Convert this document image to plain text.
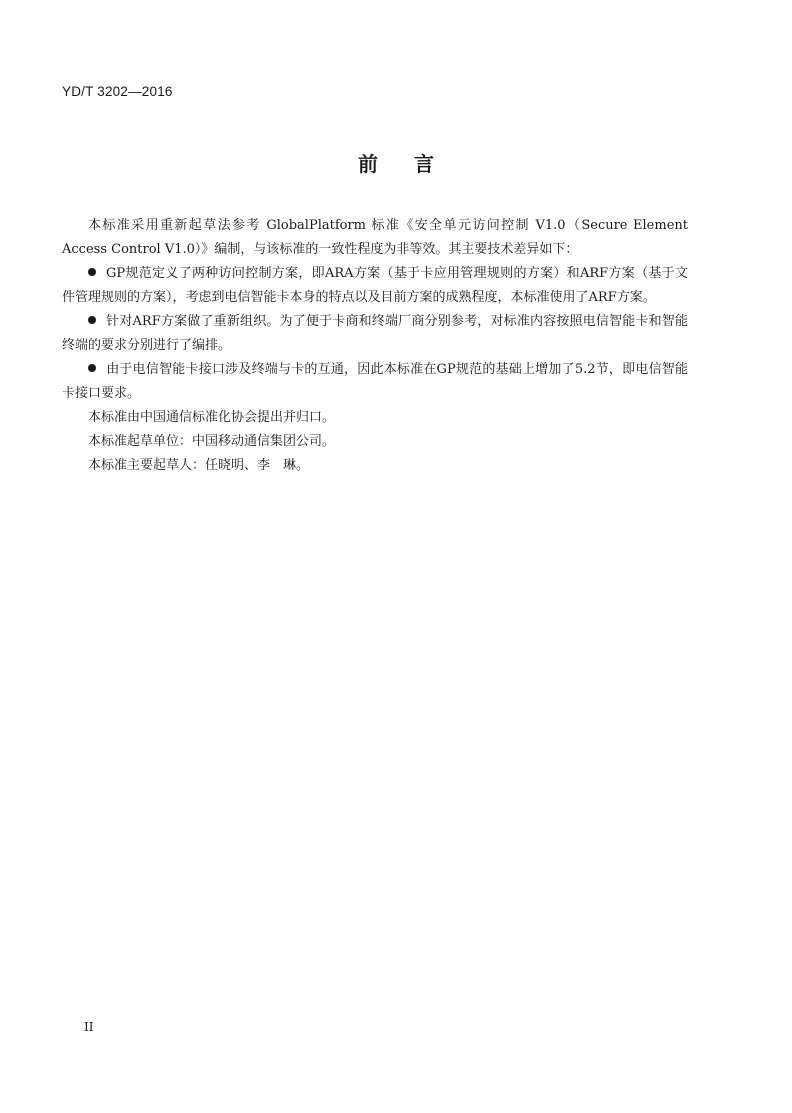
YD/T 3202—2016
前言

本标准采用重新起草法参考 GlobalPlatform 标准《安全单元访问控制 V1.0（Secure Element Access Control V1.0）》编制，与该标准的一致性程度为非等效。其主要技术差异如下：

GP规范定义了两种访问控制方案，即ARA方案（基于卡应用管理规则的方案）和ARF方案（基于文件管理规则的方案），考虑到电信智能卡本身的特点以及目前方案的成熟程度，本标准使用了ARF方案。

针对ARF方案做了重新组织。为了便于卡商和终端厂商分别参考，对标准内容按照电信智能卡和智能终端的要求分别进行了编排。

由于电信智能卡接口涉及终端与卡的互通，因此本标准在GP规范的基础上增加了5.2节，即电信智能卡接口要求。

本标准由中国通信标准化协会提出并归口。

本标准起草单位：中国移动通信集团公司。

本标准主要起草人：任晓明、李 琳。

II
